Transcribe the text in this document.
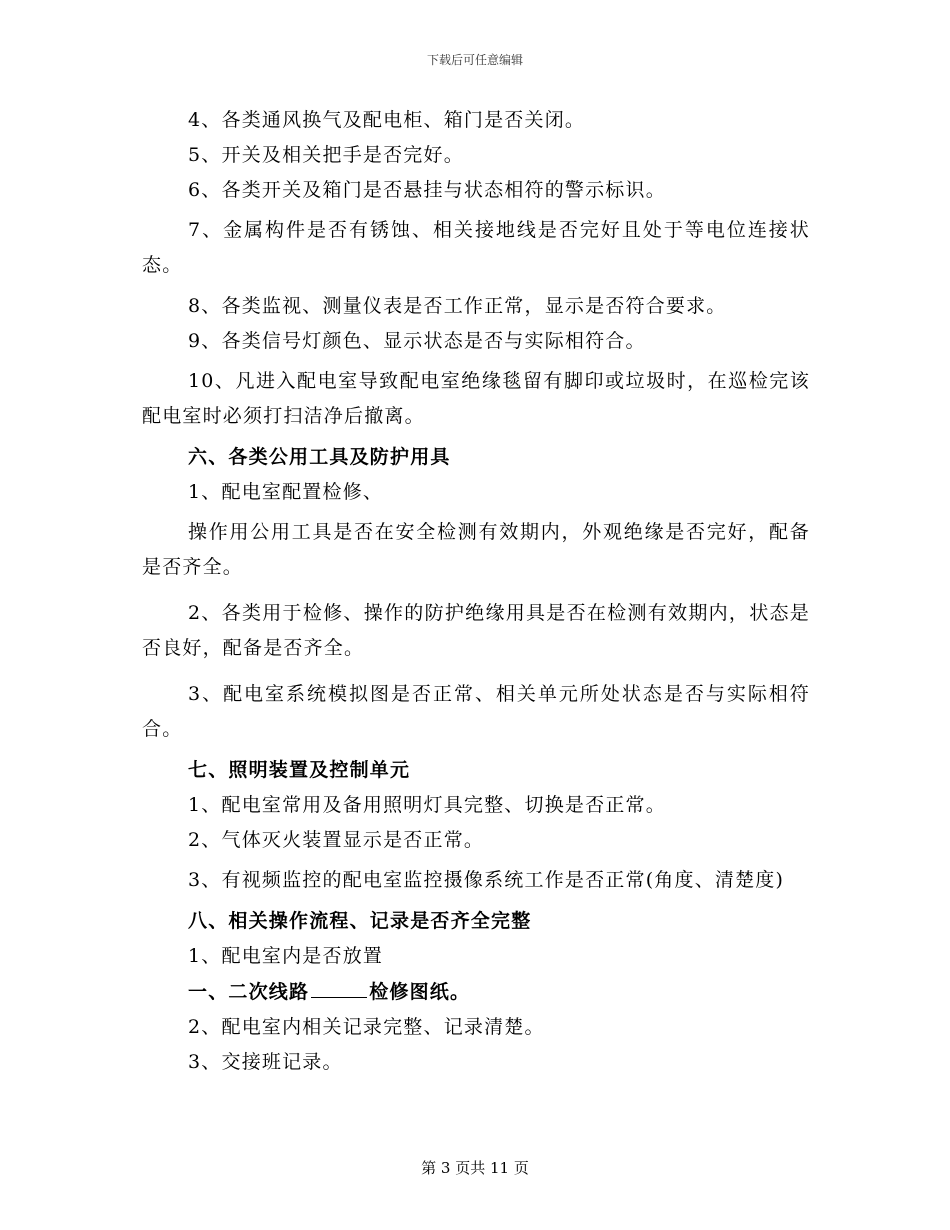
下载后可任意编辑

4、各类通风换气及配电柜、箱门是否关闭。

5、开关及相关把手是否完好。

6、各类开关及箱门是否悬挂与状态相符的警示标识。

7、金属构件是否有锈蚀、相关接地线是否完好且处于等电位连接状态。

8、各类监视、测量仪表是否工作正常，显示是否符合要求。

9、各类信号灯颜色、显示状态是否与实际相符合。

10、凡进入配电室导致配电室绝缘毯留有脚印或垃圾时，在巡检完该配电室时必须打扫洁净后撤离。

六、各类公用工具及防护用具

1、配电室配置检修、

操作用公用工具是否在安全检测有效期内，外观绝缘是否完好，配备是否齐全。

2、各类用于检修、操作的防护绝缘用具是否在检测有效期内，状态是否良好，配备是否齐全。

3、配电室系统模拟图是否正常、相关单元所处状态是否与实际相符合。

七、照明装置及控制单元

1、配电室常用及备用照明灯具完整、切换是否正常。

2、气体灭火装置显示是否正常。

3、有视频监控的配电室监控摄像系统工作是否正常(角度、清楚度)

八、相关操作流程、记录是否齐全完整

1、配电室内是否放置

一、二次线路	检修图纸。

2、配电室内相关记录完整、记录清楚。

3、交接班记录。

第 3 页共 11 页
